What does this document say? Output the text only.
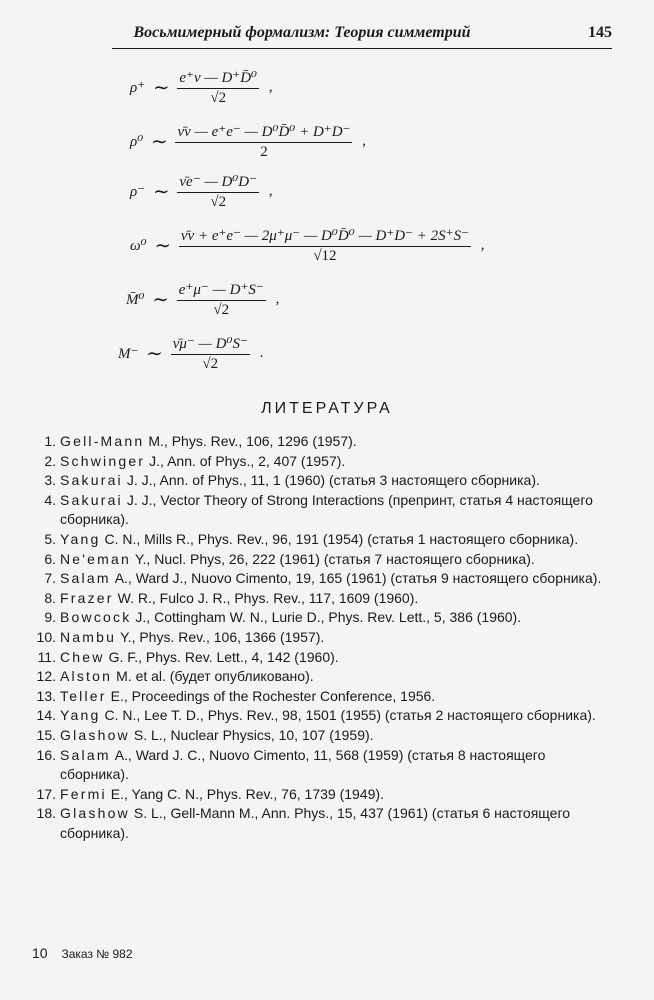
Восьмимерный формализм: Теория симметрий	145
ρ⁺ ∼ $\frac{\text{e⁺ν — D⁺D̄⁰}}{√2}$ ,
ρ⁰ ∼ $\frac{\text{ν̄ν — e⁺e⁻ — D⁰D̄⁰ + D⁺D⁻}}{2}$ ,
ρ⁻ ∼ $\frac{\text{ν̄e⁻ — D⁰D⁻}}{√2}$ ,
ω⁰ ∼ $\frac{\text{ν̄ν + e⁺e⁻ — 2μ⁺μ⁻ — D⁰D̄⁰ — D⁺D⁻ + 2S⁺S⁻}}{√12}$ ,
M̄⁰ ∼ $\frac{e^+\mu^- — D^+S^-}{√2}$ ,
M⁻ ∼ $\frac{\text{ν̄μ⁻ — D⁰S⁻}}{√2}$ .
ЛИТЕРАТУРА
1. Gell-Mann M., Phys. Rev., 106, 1296 (1957).
2. Schwinger J., Ann. of Phys., 2, 407 (1957).
3. Sakurai J. J., Ann. of Phys., 11, 1 (1960) (статья 3 настоящего сборника).
4. Sakurai J. J., Vector Theory of Strong Interactions (препринт, статья 4 настоящего сборника).
5. Yang C. N., Mills R., Phys. Rev., 96, 191 (1954) (статья 1 настоящего сборника).
6. Ne'eman Y., Nucl. Phys, 26, 222 (1961) (статья 7 настоящего сборника).
7. Salam A., Ward J., Nuovo Cimento, 19, 165 (1961) (статья 9 настоящего сборника).
8. Frazer W. R., Fulco J. R., Phys. Rev., 117, 1609 (1960).
9. Bowcock J., Cottingham W. N., Lurie D., Phys. Rev. Lett., 5, 386 (1960).
10. Nambu Y., Phys. Rev., 106, 1366 (1957).
11. Chew G. F., Phys. Rev. Lett., 4, 142 (1960).
12. Alston M. et al. (будет опубликовано).
13. Teller E., Proceedings of the Rochester Conference, 1956.
14. Yang C. N., Lee T. D., Phys. Rev., 98, 1501 (1955) (статья 2 настоящего сборника).
15. Glashow S. L., Nuclear Physics, 10, 107 (1959).
16. Salam A., Ward J. C., Nuovo Cimento, 11, 568 (1959) (статья 8 настоящего сборника).
17. Fermi E., Yang C. N., Phys. Rev., 76, 1739 (1949).
18. Glashow S. L., Gell-Mann M., Ann. Phys., 15, 437 (1961) (статья 6 настоящего сборника).
10 Заказ № 982
